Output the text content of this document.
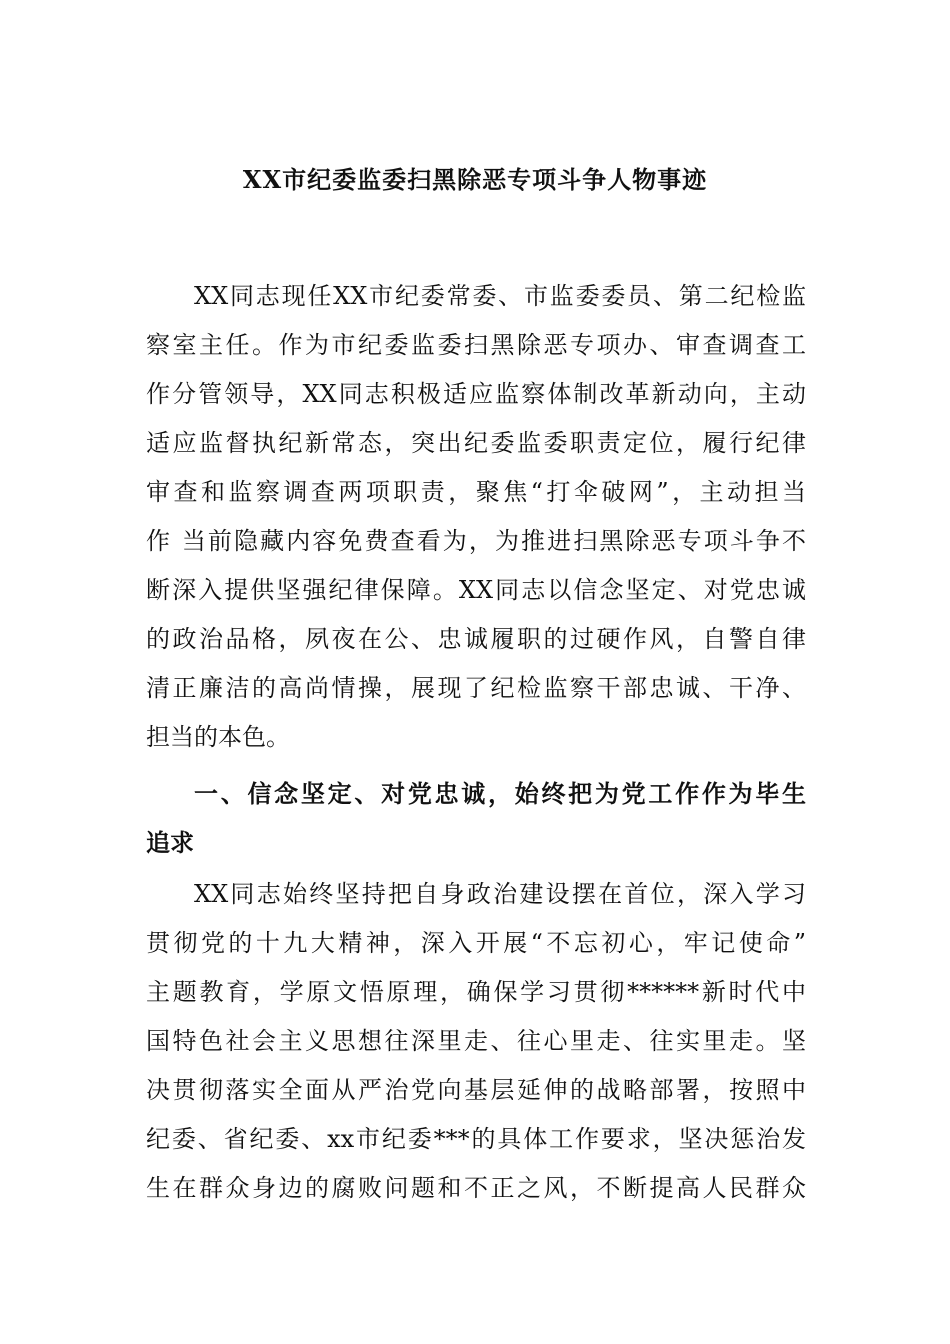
XX市纪委监委扫黑除恶专项斗争人物事迹
XX同志现任XX市纪委常委、市监委委员、第二纪检监
察室主任。作为市纪委监委扫黑除恶专项办、审查调查工
作分管领导，XX同志积极适应监察体制改革新动向，主动
适应监督执纪新常态，突出纪委监委职责定位，履行纪律
审查和监察调查两项职责，聚焦“打伞破网”，主动担当
作 当前隐藏内容免费查看为，为推进扫黑除恶专项斗争不
断深入提供坚强纪律保障。XX同志以信念坚定、对党忠诚
的政治品格，夙夜在公、忠诚履职的过硬作风，自警自律
清正廉洁的高尚情操，展现了纪检监察干部忠诚、干净、
担当的本色。
一、信念坚定、对党忠诚，始终把为党工作作为毕生
追求
XX同志始终坚持把自身政治建设摆在首位，深入学习
贯彻党的十九大精神，深入开展“不忘初心，牢记使命”
主题教育，学原文悟原理，确保学习贯彻******新时代中
国特色社会主义思想往深里走、往心里走、往实里走。坚
决贯彻落实全面从严治党向基层延伸的战略部署，按照中
纪委、省纪委、xx市纪委***的具体工作要求，坚决惩治发
生在群众身边的腐败问题和不正之风，不断提高人民群众
